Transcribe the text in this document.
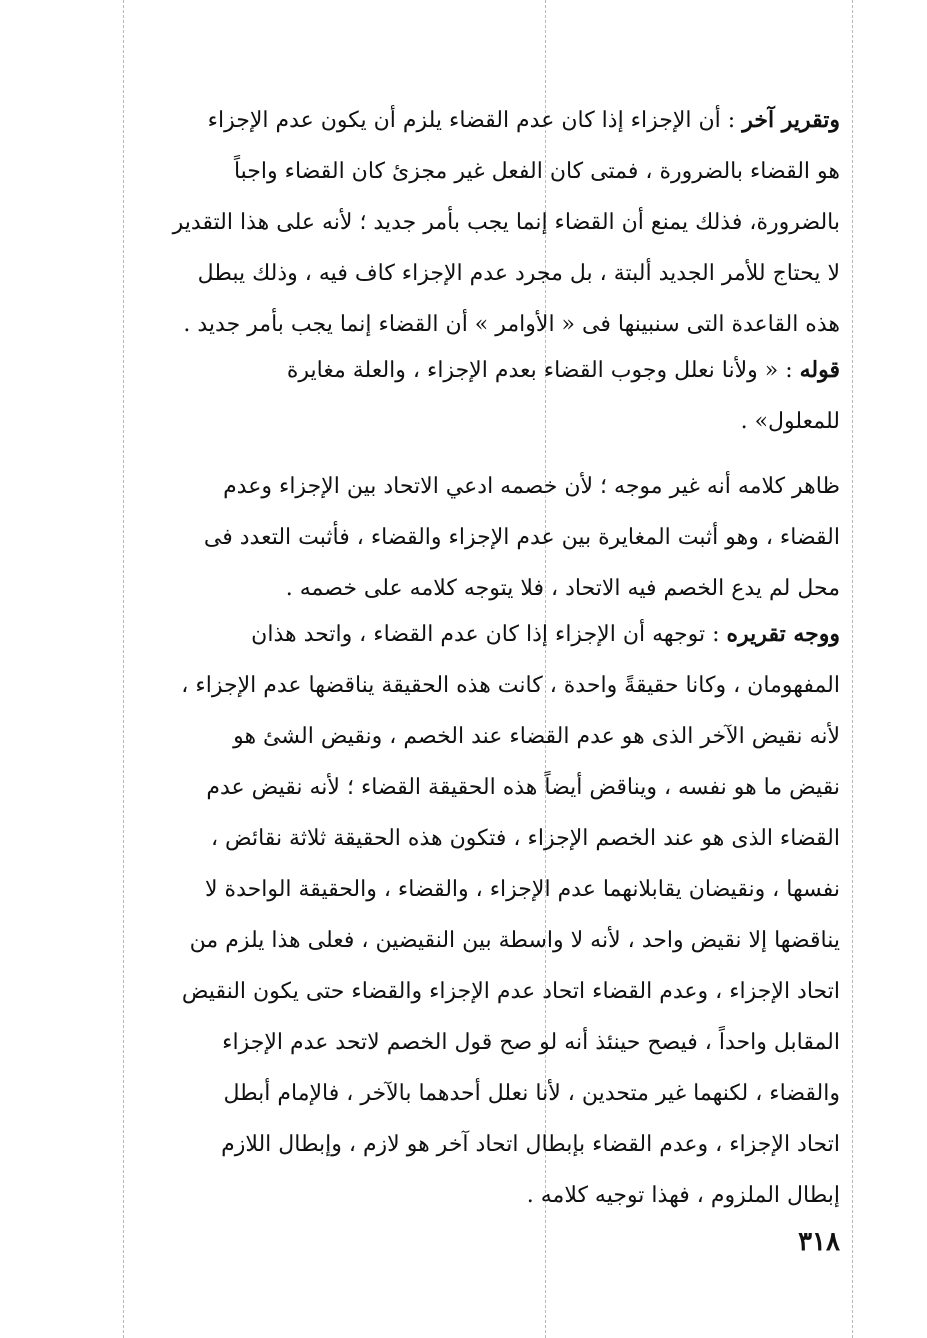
وتقرير آخر : أن الإجزاء إذا كان عدم القضاء يلزم أن يكون عدم الإجزاء
هو القضاء بالضرورة ، فمتى كان الفعل غير مجزئ كان القضاء واجباً
بالضرورة، فذلك يمنع أن القضاء إنما يجب بأمر جديد ؛ لأنه على هذا التقدير
لا يحتاج للأمر الجديد ألبتة ، بل مجرد عدم الإجزاء كاف فيه ، وذلك يبطل
هذه القاعدة التى سنبينها فى « الأوامر » أن القضاء إنما يجب بأمر جديد .
قوله : « ولأنا نعلل وجوب القضاء بعدم الإجزاء ، والعلة مغايرة
للمعلول» .
ظاهر كلامه أنه غير موجه ؛ لأن خصمه ادعي الاتحاد بين الإجزاء وعدم
القضاء ، وهو أثبت المغايرة بين عدم الإجزاء والقضاء ، فأثبت التعدد فى
محل لم يدع الخصم فيه الاتحاد ، فلا يتوجه كلامه على خصمه .
ووجه تقريره : توجهه أن الإجزاء إذا كان عدم القضاء ، واتحد هذان
المفهومان ، وكانا حقيقةً واحدة ، كانت هذه الحقيقة يناقضها عدم الإجزاء ،
لأنه نقيض الآخر الذى هو عدم القضاء عند الخصم ، ونقيض الشئ هو
نقيض ما هو نفسه ، ويناقض أيضاً هذه الحقيقة القضاء ؛ لأنه نقيض عدم
القضاء الذى هو عند الخصم الإجزاء ، فتكون هذه الحقيقة ثلاثة نقائض ،
نفسها ، ونقيضان يقابلانهما عدم الإجزاء ، والقضاء ، والحقيقة الواحدة لا
يناقضها إلا نقيض واحد ، لأنه لا واسطة بين النقيضين ، فعلى هذا يلزم من
اتحاد الإجزاء ، وعدم القضاء اتحاد عدم الإجزاء والقضاء حتى يكون النقيض
المقابل واحداً ، فيصح حينئذ أنه لو صح قول الخصم لاتحد عدم الإجزاء
والقضاء ، لكنهما غير متحدين ، لأنا نعلل أحدهما بالآخر ، فالإمام أبطل
اتحاد الإجزاء ، وعدم القضاء بإبطال اتحاد آخر هو لازم ، وإبطال اللازم
إبطال الملزوم ، فهذا توجيه كلامه .
٣١٨
